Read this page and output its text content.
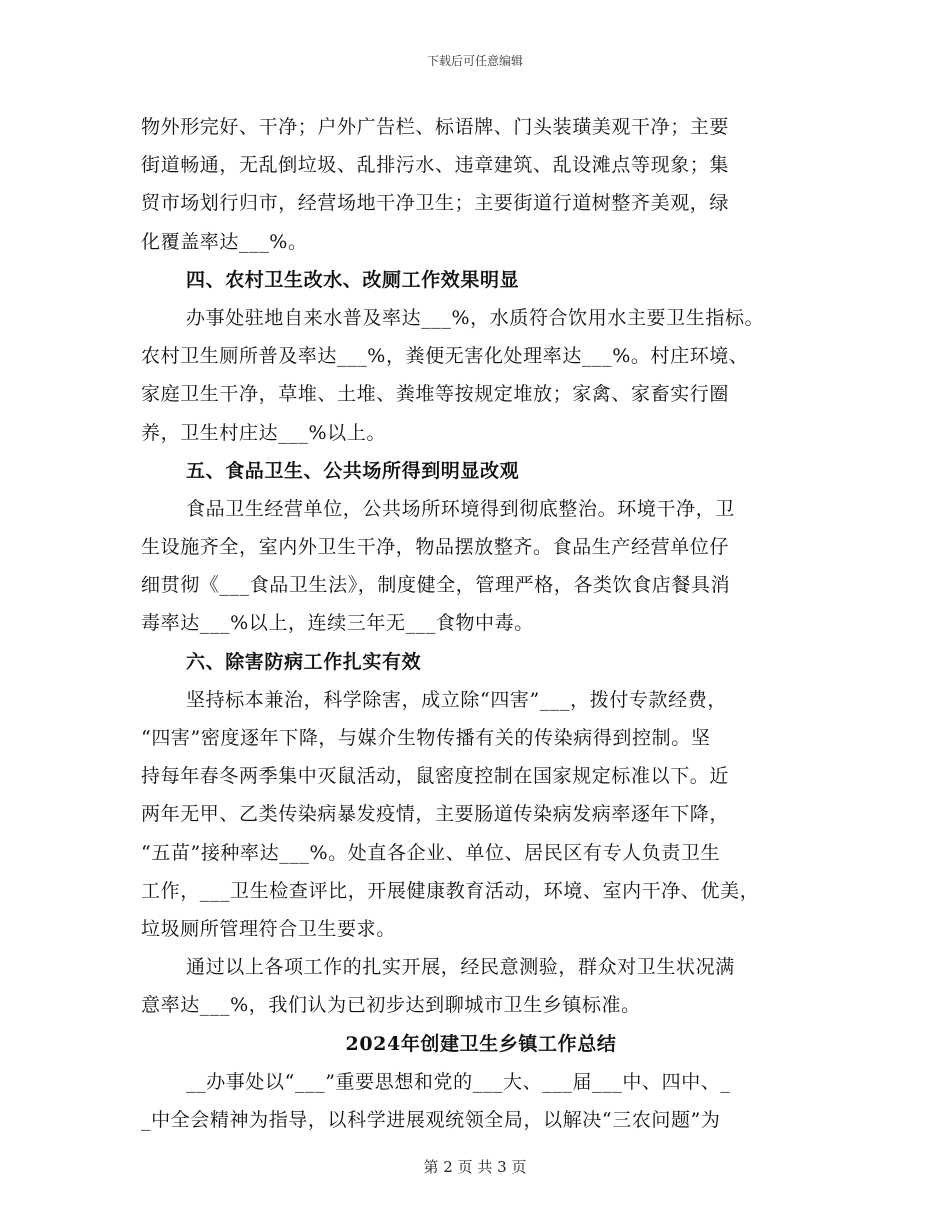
下载后可任意编辑
物外形完好、干净；户外广告栏、标语牌、门头装璜美观干净；主要
街道畅通，无乱倒垃圾、乱排污水、违章建筑、乱设滩点等现象；集
贸市场划行归市，经营场地干净卫生；主要街道行道树整齐美观，绿
化覆盖率达___%。
四、农村卫生改水、改厕工作效果明显
办事处驻地自来水普及率达___%，水质符合饮用水主要卫生指标。
农村卫生厕所普及率达___%，粪便无害化处理率达___%。村庄环境、
家庭卫生干净，草堆、土堆、粪堆等按规定堆放；家禽、家畜实行圈
养，卫生村庄达___%以上。
五、食品卫生、公共场所得到明显改观
食品卫生经营单位，公共场所环境得到彻底整治。环境干净，卫
生设施齐全，室内外卫生干净，物品摆放整齐。食品生产经营单位仔
细贯彻《___食品卫生法》，制度健全，管理严格，各类饮食店餐具消
毒率达___%以上，连续三年无___食物中毒。
六、除害防病工作扎实有效
坚持标本兼治，科学除害，成立除“四害”___，拨付专款经费，
“四害”密度逐年下降，与媒介生物传播有关的传染病得到控制。坚
持每年春冬两季集中灭鼠活动，鼠密度控制在国家规定标准以下。近
两年无甲、乙类传染病暴发疫情，主要肠道传染病发病率逐年下降，
“五苗”接种率达___%。处直各企业、单位、居民区有专人负责卫生
工作，___卫生检查评比，开展健康教育活动，环境、室内干净、优美，
垃圾厕所管理符合卫生要求。
通过以上各项工作的扎实开展，经民意测验，群众对卫生状况满
意率达___%，我们认为已初步达到聊城市卫生乡镇标准。
2024年创建卫生乡镇工作总结
__办事处以“___”重要思想和党的___大、___届___中、四中、_
_中全会精神为指导，以科学进展观统领全局，以解决“三农问题”为
第 2 页 共 3 页
